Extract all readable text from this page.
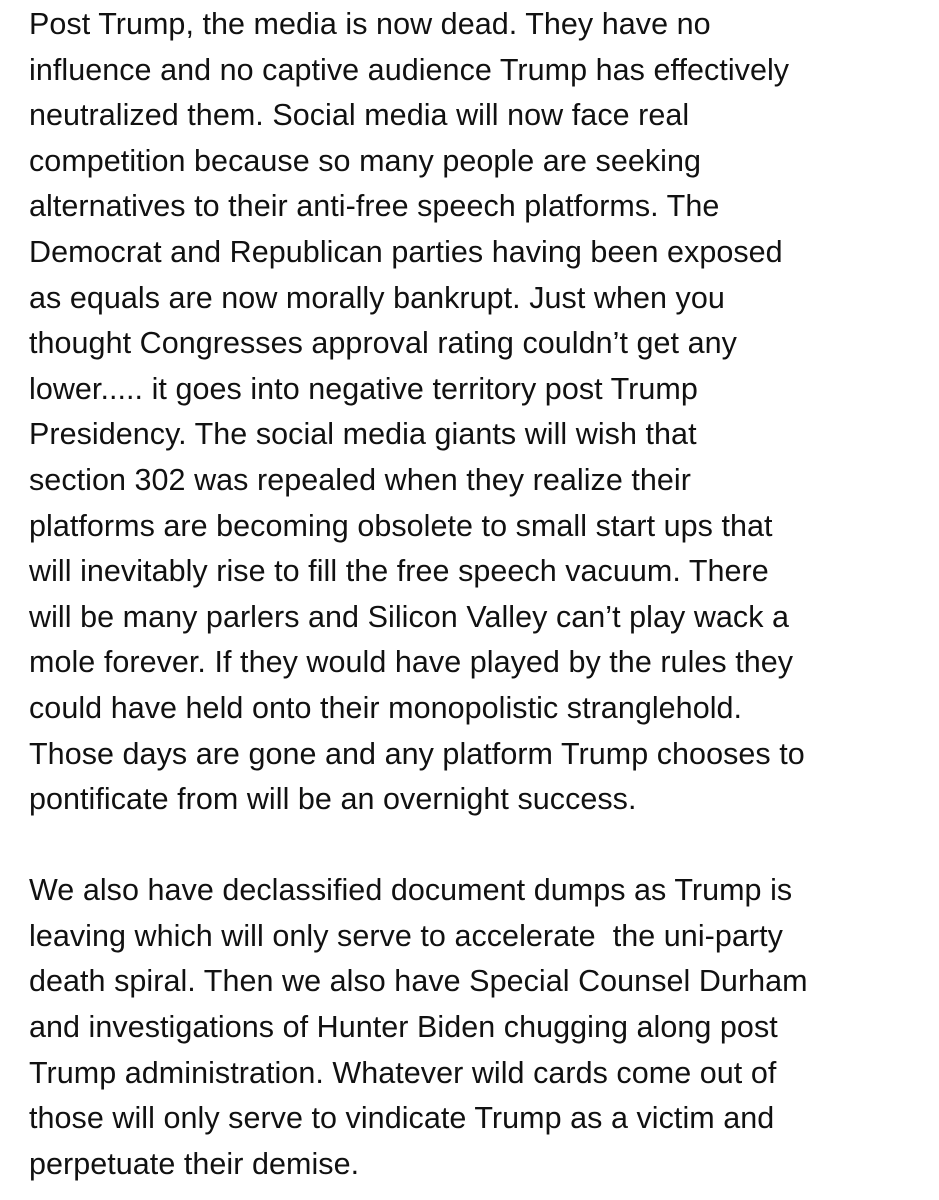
Post Trump, the media is now dead. They have no
influence and no captive audience Trump has effectively
neutralized them. Social media will now face real
competition because so many people are seeking
alternatives to their anti-free speech platforms. The
Democrat and Republican parties having been exposed
as equals are now morally bankrupt. Just when you
thought Congresses approval rating couldn’t get any
lower..... it goes into negative territory post Trump
Presidency. The social media giants will wish that
section 302 was repealed when they realize their
platforms are becoming obsolete to small start ups that
will inevitably rise to fill the free speech vacuum. There
will be many parlers and Silicon Valley can’t play wack a
mole forever. If they would have played by the rules they
could have held onto their monopolistic stranglehold.
Those days are gone and any platform Trump chooses to
pontificate from will be an overnight success.
We also have declassified document dumps as Trump is
leaving which will only serve to accelerate  the uni-party
death spiral. Then we also have Special Counsel Durham
and investigations of Hunter Biden chugging along post
Trump administration. Whatever wild cards come out of
those will only serve to vindicate Trump as a victim and
perpetuate their demise.
